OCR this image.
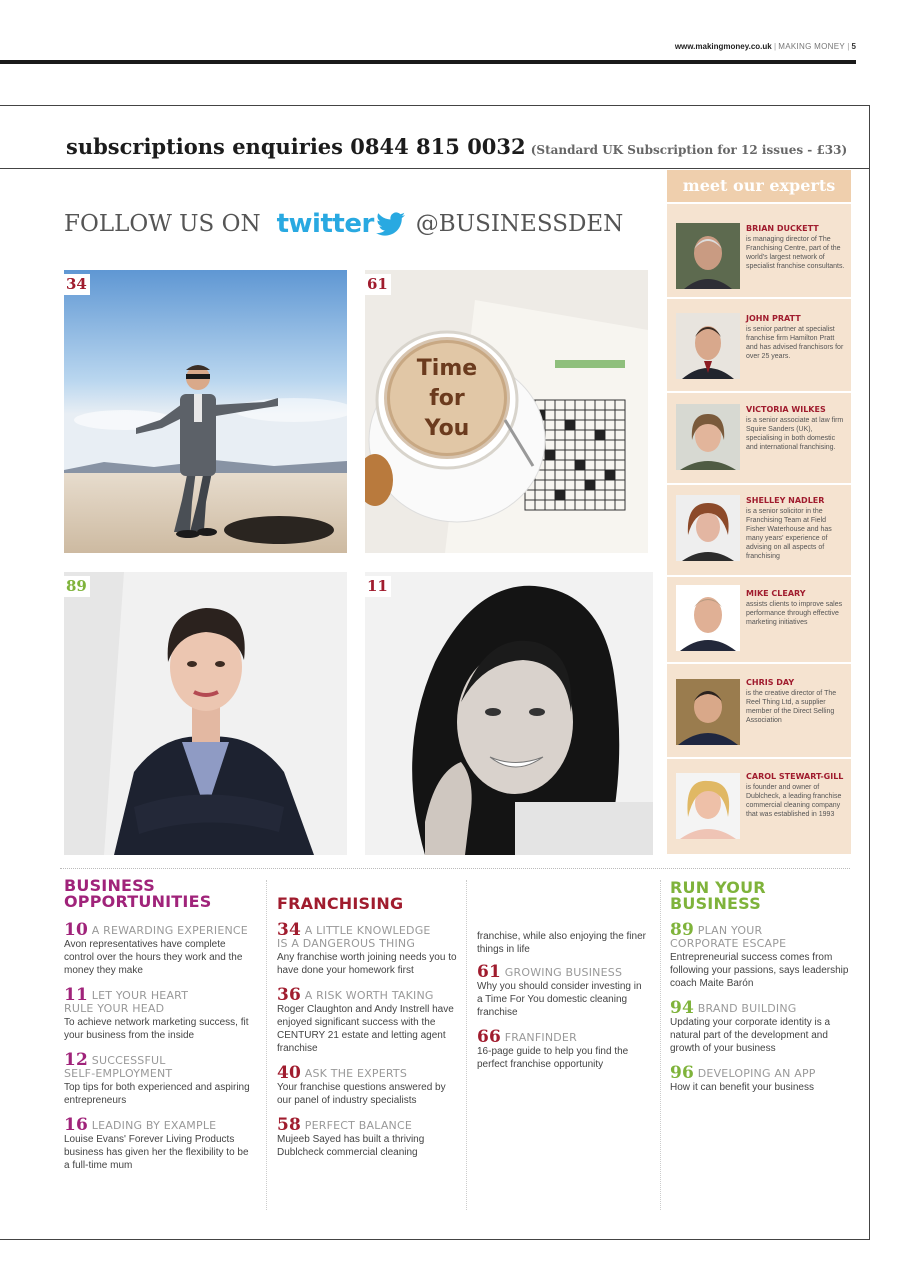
www.makingmoney.co.uk | MAKING MONEY | 5
subscriptions enquiries 0844 815 0032 (Standard UK Subscription for 12 issues - £33)
FOLLOW US ON twitter @BUSINESSDEN
34
Time
for
You
61
89	11
meet our experts
BRIAN DUCKETT
is managing director of The Franchising Centre, part of the world's largest network of specialist franchise consultants.
JOHN PRATT
is senior partner at specialist franchise firm Hamilton Pratt and has advised franchisors for over 25 years.
VICTORIA WILKES
is a senior associate at law firm Squire Sanders (UK), specialising in both domestic and international franchising.
SHELLEY NADLER
is a senior solicitor in the Franchising Team at Field Fisher Waterhouse and has many years' experience of advising on all aspects of franchising
MIKE CLEARY
assists clients to improve sales performance through effective marketing initiatives
CHRIS DAY
is the creative director of The Reel Thing Ltd, a supplier member of the Direct Selling Association
CAROL STEWART-GILL
is founder and owner of Dublcheck, a leading franchise commercial cleaning company that was established in 1993
BUSINESS
OPPORTUNITIES
10 A REWARDING EXPERIENCE
Avon representatives have complete control over the hours they work and the money they make
11 LET YOUR HEART
RULE YOUR HEAD
To achieve network marketing success, fit your business from the inside
12 SUCCESSFUL
SELF-EMPLOYMENT
Top tips for both experienced and aspiring entrepreneurs
16 LEADING BY EXAMPLE
Louise Evans' Forever Living Products business has given her the flexibility to be a full-time mum
FRANCHISING
34 A LITTLE KNOWLEDGE
IS A DANGEROUS THING
Any franchise worth joining needs you to have done your homework first
36 A RISK WORTH TAKING
Roger Claughton and Andy Instrell have enjoyed significant success with the CENTURY 21 estate and letting agent franchise
40 ASK THE EXPERTS
Your franchise questions answered by our panel of industry specialists
58 PERFECT BALANCE
Mujeeb Sayed has built a thriving Dublcheck commercial cleaning
franchise, while also enjoying the finer things in life
61 GROWING BUSINESS
Why you should consider investing in a Time For You domestic cleaning franchise
66 FRANFINDER
16-page guide to help you find the perfect franchise opportunity
RUN YOUR
BUSINESS
89 PLAN YOUR
CORPORATE ESCAPE
Entrepreneurial success comes from following your passions, says leadership coach Maite Barón
94 BRAND BUILDING
Updating your corporate identity is a natural part of the development and growth of your business
96 DEVELOPING AN APP
How it can benefit your business
